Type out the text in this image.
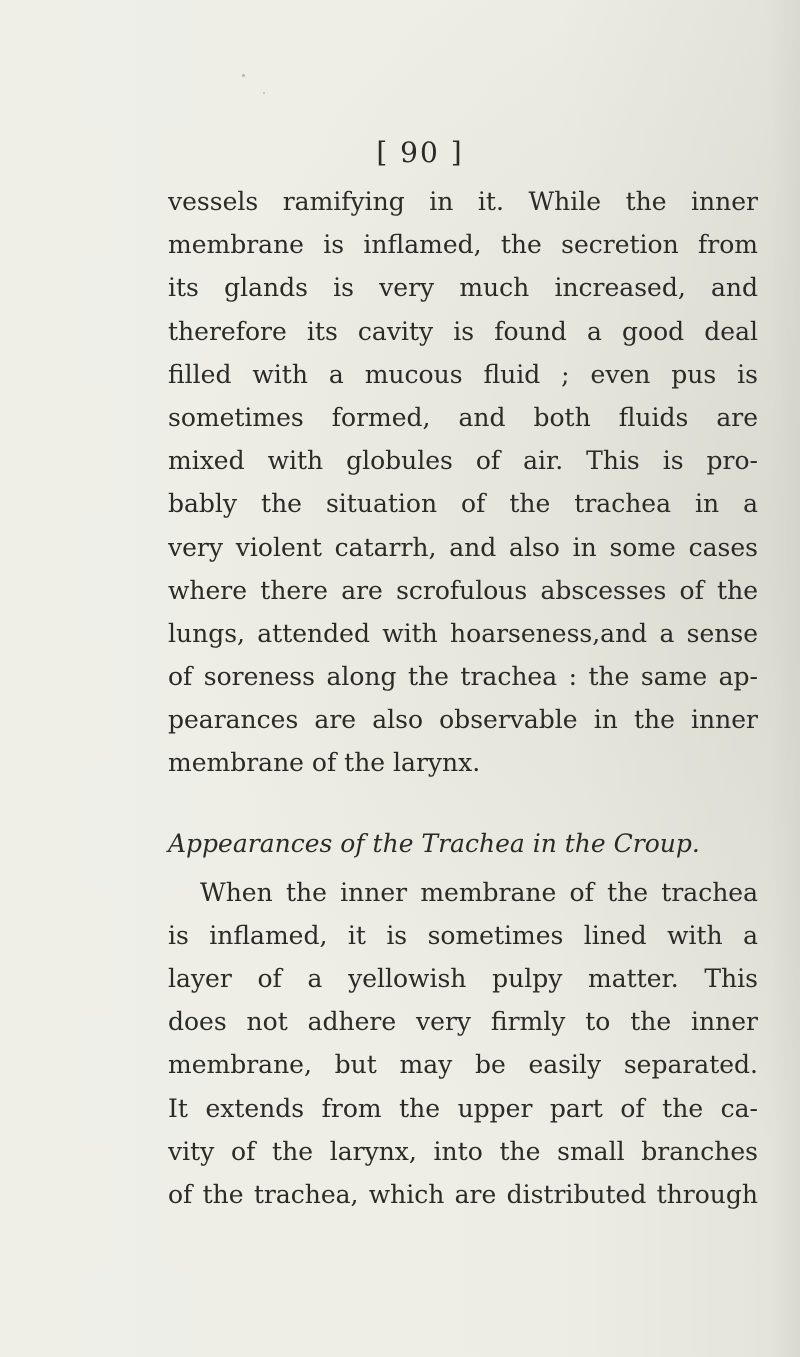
[ 90 ]
vessels ramifying in it. While the inner
membrane is inflamed, the secretion from
its glands is very much increased, and
therefore its cavity is found a good deal
filled with a mucous fluid ; even pus is
sometimes formed, and both fluids are
mixed with globules of air. This is pro-
bably the situation of the trachea in a
very violent catarrh, and also in some cases
where there are scrofulous abscesses of the
lungs, attended with hoarseness,and a sense
of soreness along the trachea : the same ap-
pearances are also observable in the inner
membrane of the larynx.
Appearances of the Trachea in the Croup.
When the inner membrane of the trachea
is inflamed, it is sometimes lined with a
layer of a yellowish pulpy matter. This
does not adhere very firmly to the inner
membrane, but may be easily separated.
It extends from the upper part of the ca-
vity of the larynx, into the small branches
of the trachea, which are distributed through
